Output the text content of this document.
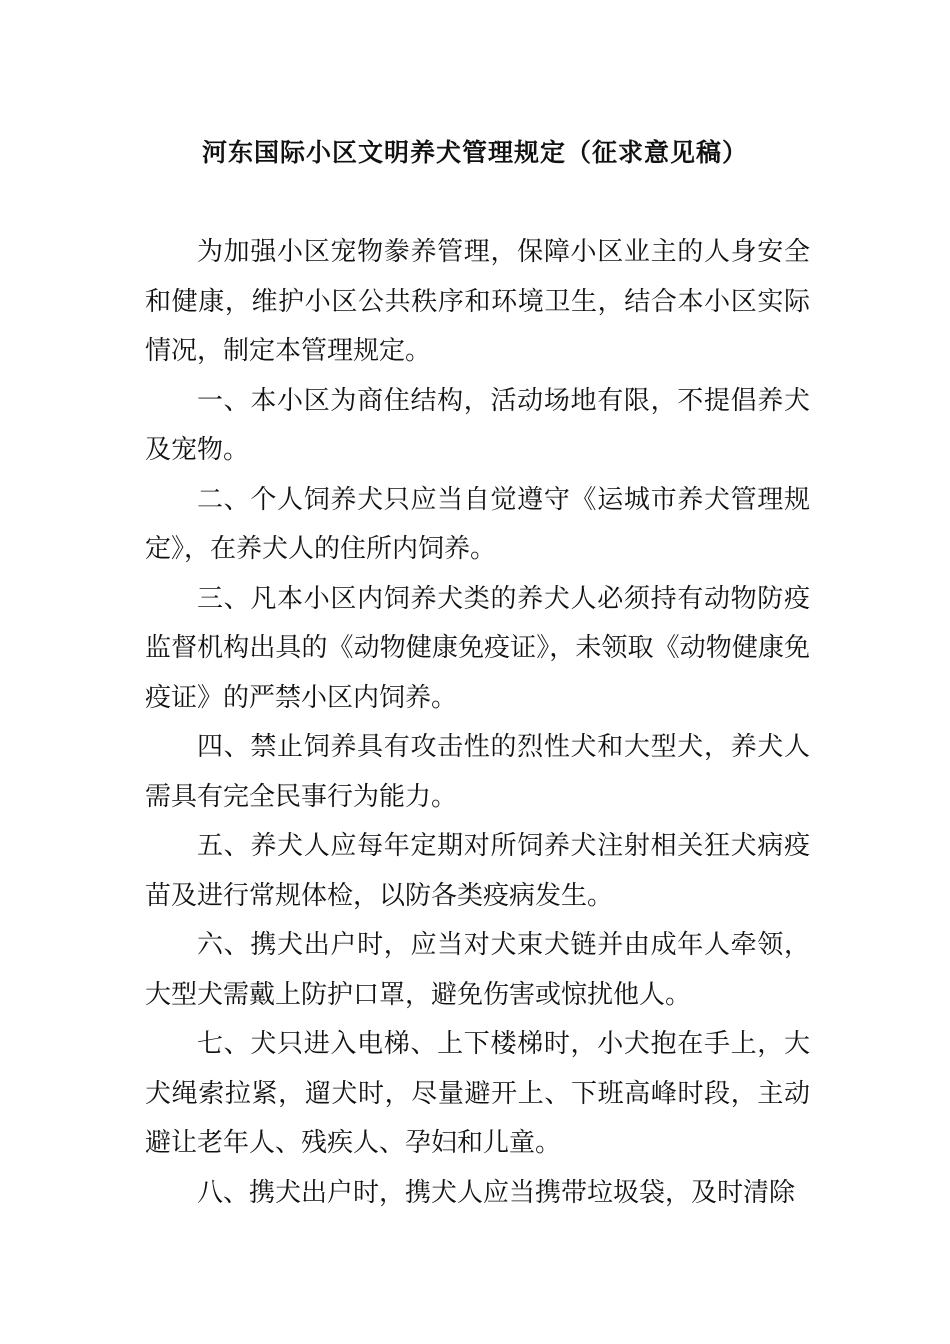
河东国际小区文明养犬管理规定（征求意见稿）

为加强小区宠物豢养管理，保障小区业主的人身安全和健康，维护小区公共秩序和环境卫生，结合本小区实际情况，制定本管理规定。

一、本小区为商住结构，活动场地有限，不提倡养犬及宠物。

二、个人饲养犬只应当自觉遵守《运城市养犬管理规定》，在养犬人的住所内饲养。

三、凡本小区内饲养犬类的养犬人必须持有动物防疫监督机构出具的《动物健康免疫证》，未领取《动物健康免疫证》的严禁小区内饲养。

四、禁止饲养具有攻击性的烈性犬和大型犬，养犬人需具有完全民事行为能力。

五、养犬人应每年定期对所饲养犬注射相关狂犬病疫苗及进行常规体检，以防各类疫病发生。

六、携犬出户时，应当对犬束犬链并由成年人牵领，大型犬需戴上防护口罩，避免伤害或惊扰他人。

七、犬只进入电梯、上下楼梯时，小犬抱在手上，大犬绳索拉紧，遛犬时，尽量避开上、下班高峰时段，主动避让老年人、残疾人、孕妇和儿童。

八、携犬出户时，携犬人应当携带垃圾袋，及时清除
